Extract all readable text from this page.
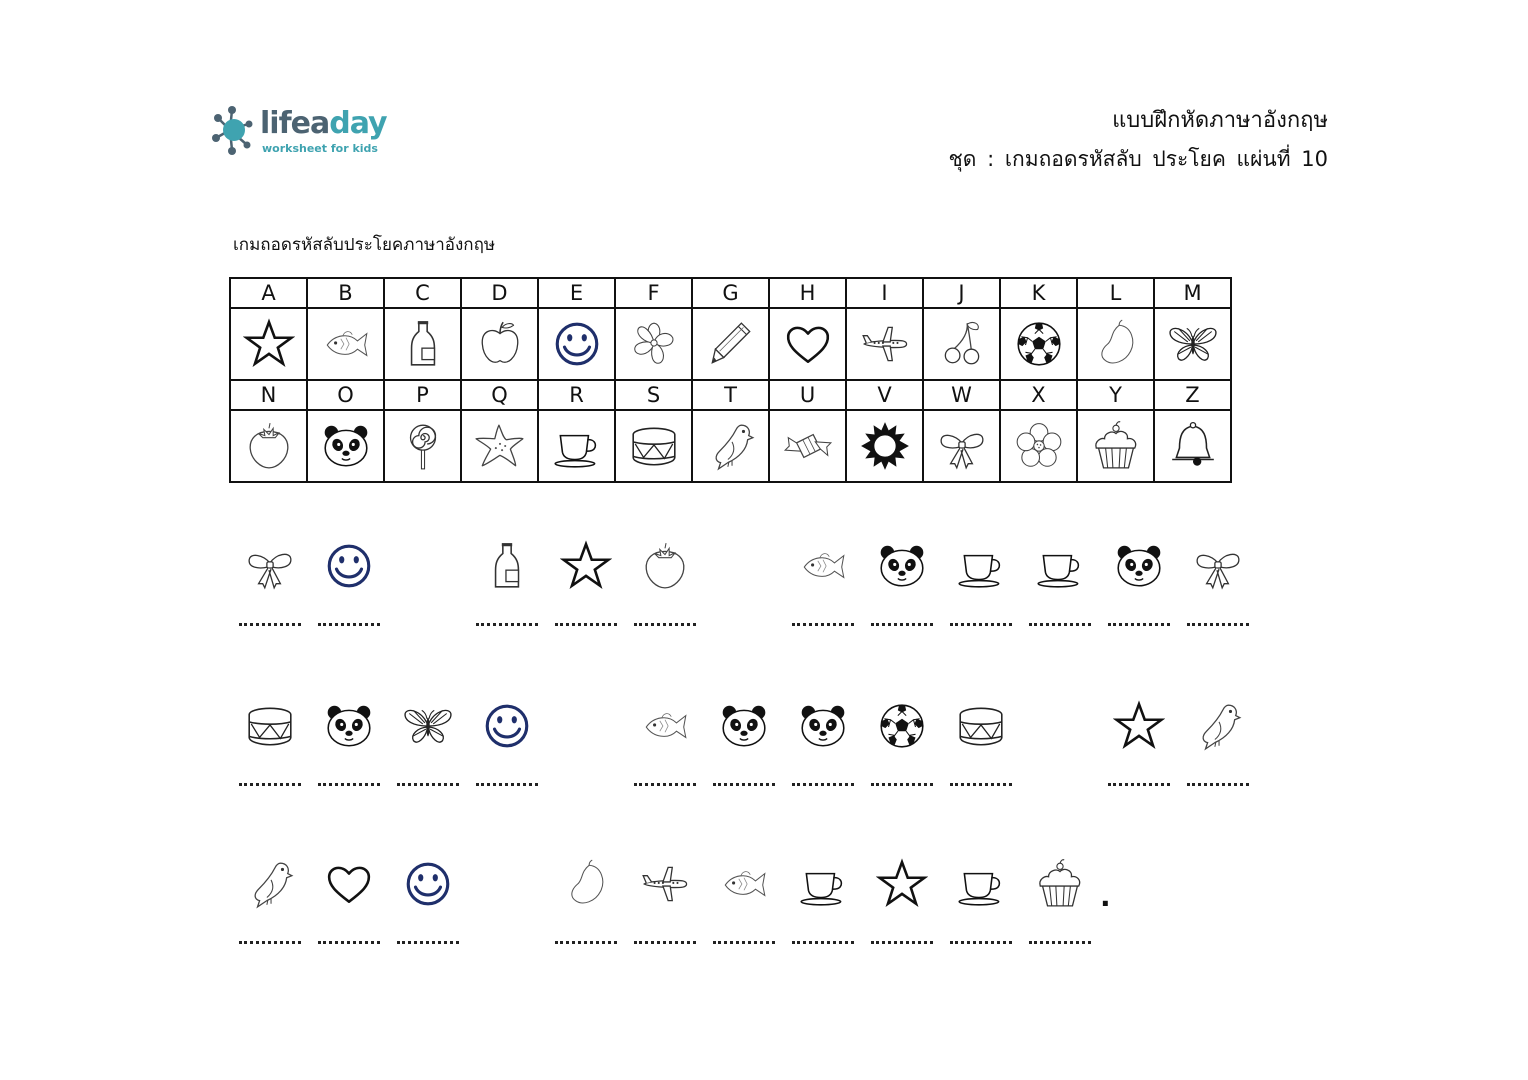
lifeaday
worksheet for kids
แบบฝึกหัดภาษาอังกฤษ
ชุด : เกมถอดรหัสลับ ประโยค แผ่นที่ 10
เกมถอดรหัสลับประโยคภาษาอังกฤษ
A	B	C	D	E	F	G	H	I	J	K	L	M

N	O	P	Q	R	S	T	U	V	W	X	Y	Z

.
